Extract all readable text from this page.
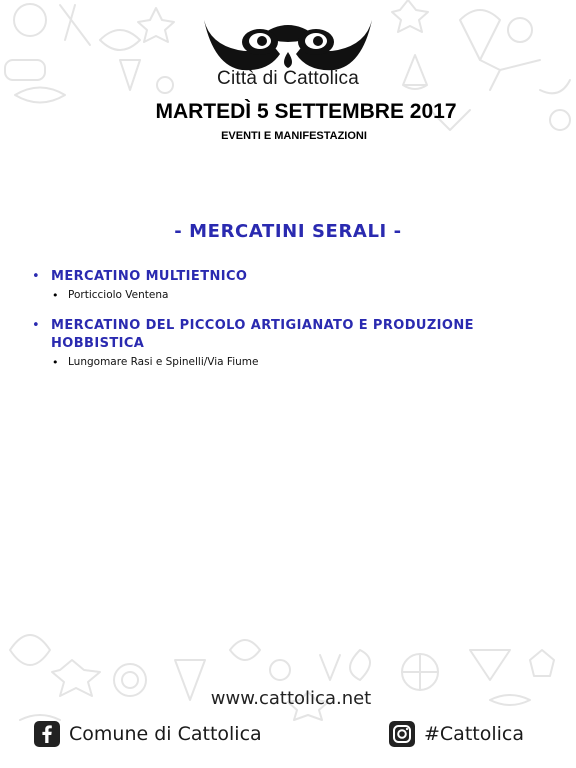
Città di Cattolica
MARTEDÌ 5 SETTEMBRE 2017
EVENTI E MANIFESTAZIONI
- MERCATINI SERALI -
• MERCATINO MULTIETNICO
• Porticciolo Ventena
• MERCATINO DEL PICCOLO ARTIGIANATO E PRODUZIONE HOBBISTICA
• Lungomare Rasi e Spinelli/Via Fiume
www.cattolica.net
Comune di Cattolica	#Cattolica
